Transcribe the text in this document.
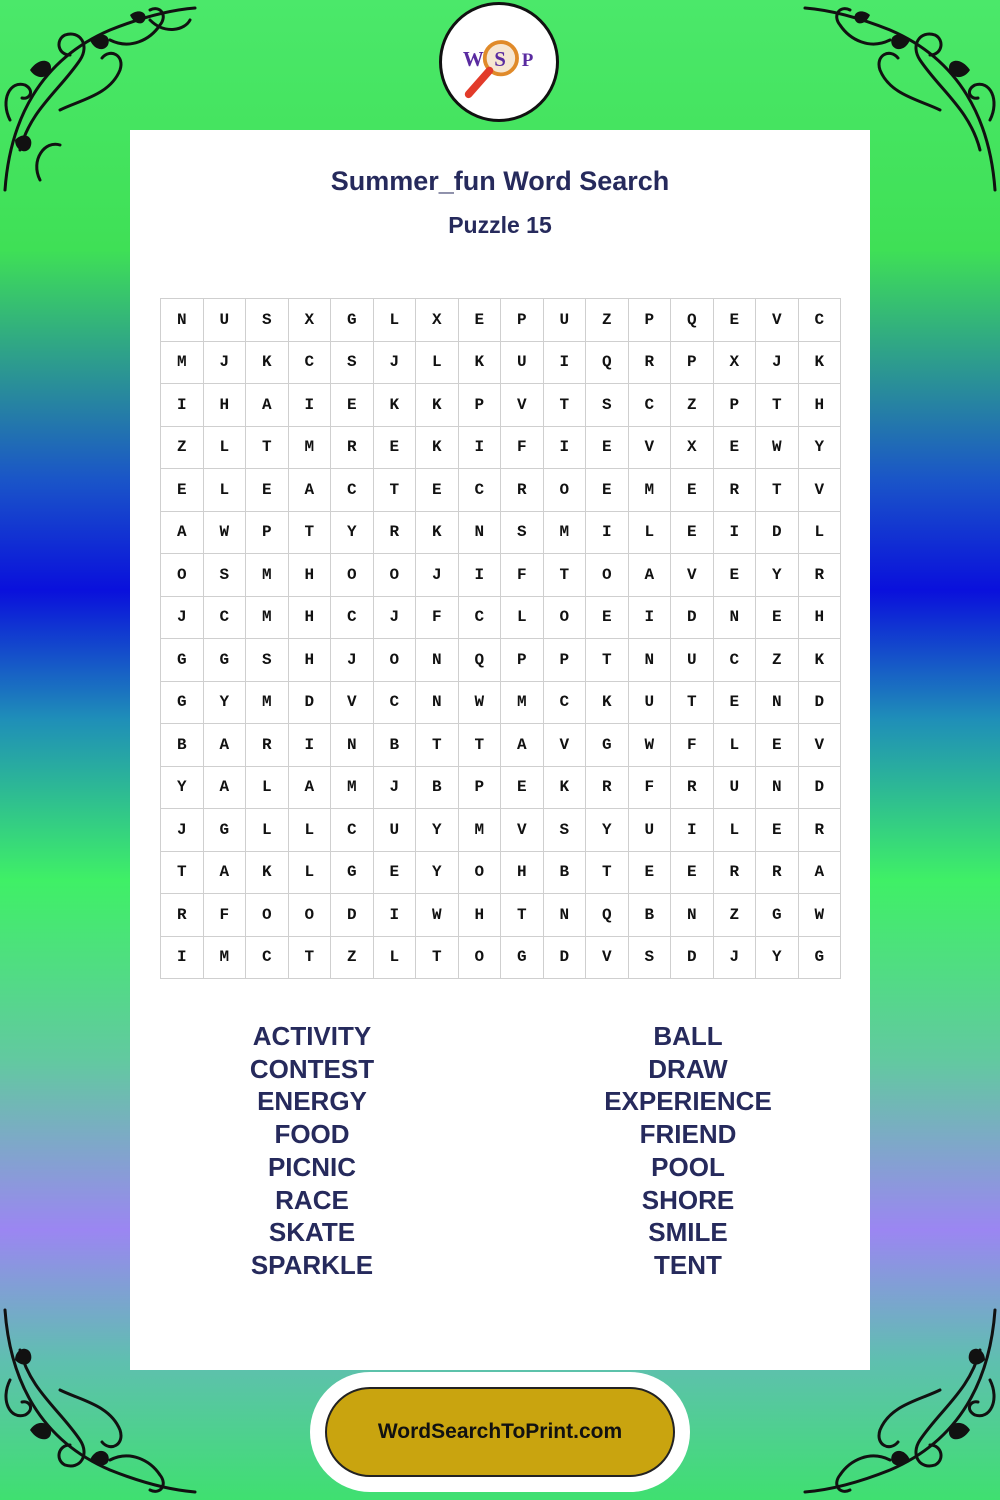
W S P
Summer_fun Word Search
Puzzle 15
N	U	S	X	G	L	X	E	P	U	Z	P	Q	E	V	C
M	J	K	C	S	J	L	K	U	I	Q	R	P	X	J	K
I	H	A	I	E	K	K	P	V	T	S	C	Z	P	T	H
Z	L	T	M	R	E	K	I	F	I	E	V	X	E	W	Y
E	L	E	A	C	T	E	C	R	O	E	M	E	R	T	V
A	W	P	T	Y	R	K	N	S	M	I	L	E	I	D	L
O	S	M	H	O	O	J	I	F	T	O	A	V	E	Y	R
J	C	M	H	C	J	F	C	L	O	E	I	D	N	E	H
G	G	S	H	J	O	N	Q	P	P	T	N	U	C	Z	K
G	Y	M	D	V	C	N	W	M	C	K	U	T	E	N	D
B	A	R	I	N	B	T	T	A	V	G	W	F	L	E	V
Y	A	L	A	M	J	B	P	E	K	R	F	R	U	N	D
J	G	L	L	C	U	Y	M	V	S	Y	U	I	L	E	R
T	A	K	L	G	E	Y	O	H	B	T	E	E	R	R	A
R	F	O	O	D	I	W	H	T	N	Q	B	N	Z	G	W
I	M	C	T	Z	L	T	O	G	D	V	S	D	J	Y	G
ACTIVITY
CONTEST
ENERGY
FOOD
PICNIC
RACE
SKATE
SPARKLE
BALL
DRAW
EXPERIENCE
FRIEND
POOL
SHORE
SMILE
TENT
WordSearchToPrint.com
